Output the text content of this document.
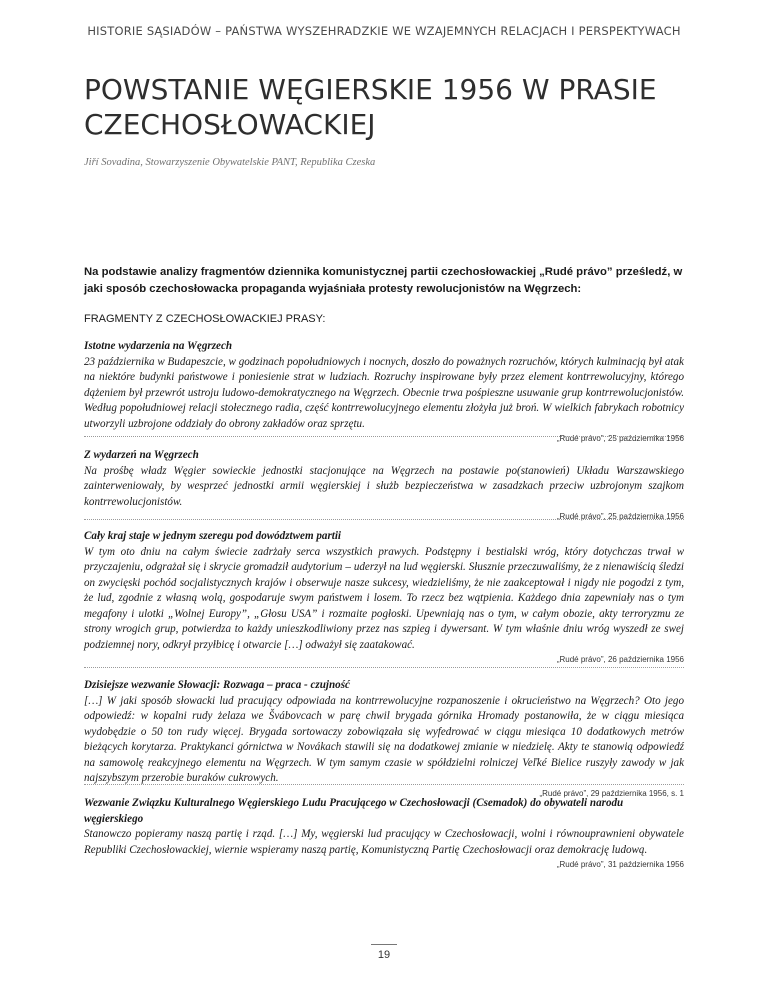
HISTORIE SĄSIADÓW – PAŃSTWA WYSZEHRADZKIE WE WZAJEMNYCH RELACJACH I PERSPEKTYWACH
POWSTANIE WĘGIERSKIE 1956 W PRASIE CZECHOSŁOWACKIEJ
Jiří Sovadina, Stowarzyszenie Obywatelskie PANT, Republika Czeska
Na podstawie analizy fragmentów dziennika komunistycznej partii czechosłowackiej „Rudé právo” prześledź, w jaki sposób czechosłowacka propaganda wyjaśniała protesty rewolucjonistów na Węgrzech:
FRAGMENTY Z CZECHOSŁOWACKIEJ PRASY:
Istotne wydarzenia na Węgrzech
23 października w Budapeszcie, w godzinach popołudniowych i nocnych, doszło do poważnych rozruchów, których kulminacją był atak na niektóre budynki państwowe i poniesienie strat w ludziach. Rozruchy inspirowane były przez element kontrrewolucyjny, którego dążeniem był przewrót ustroju ludowo-demokratycznego na Węgrzech. Obecnie trwa pośpieszne usuwanie grup kontrrewolucjonistów. Według popołudniowej relacji stołecznego radia, część kontrrewolucyjnego elementu złożyła już broń. W wielkich fabrykach robotnicy utworzyli uzbrojone oddziały do obrony zakładów oraz sprzętu.
„Rudé právo”, 25 października 1956
Z wydarzeń na Węgrzech
Na prośbę władz Węgier sowieckie jednostki stacjonujące na Węgrzech na postawie po(stanowień) Układu Warszawskiego zainterweniowały, by wesprzeć jednostki armii węgierskiej i służb bezpieczeństwa w zasadzkach przeciw uzbrojonym szajkom kontrrewolucjonistów.
„Rudé právo”, 25 października 1956
Cały kraj staje w jednym szeregu pod dowództwem partii
W tym oto dniu na całym świecie zadrżały serca wszystkich prawych. Podstępny i bestialski wróg, który dotychczas trwał w przyczajeniu, odgrażał się i skrycie gromadził audytorium – uderzył na lud węgierski. Słusznie przeczuwaliśmy, że z nienawiścią śledzi on zwycięski pochód socjalistycznych krajów i obserwuje nasze sukcesy, wiedzieliśmy, że nie zaakceptował i nigdy nie pogodzi z tym, że lud, zgodnie z własną wolą, gospodaruje swym państwem i losem. To rzecz bez wątpienia. Każdego dnia zapewniały nas o tym megafony i ulotki „Wolnej Europy”, „Głosu USA” i rozmaite pogłoski. Upewniają nas o tym, w całym obozie, akty terroryzmu ze strony wrogich grup, potwierdza to każdy unieszkodliwiony przez nas szpieg i dywersant. W tym właśnie dniu wróg wyszedł ze swej podziemnej nory, odkrył przyłbicę i otwarcie […] odważył się zaatakować.
„Rudé právo”, 26 października 1956
Dzisiejsze wezwanie Słowacji: Rozwaga – praca - czujność
[…] W jaki sposób słowacki lud pracujący odpowiada na kontrrewolucyjne rozpanoszenie i okrucieństwo na Węgrzech? Oto jego odpowiedź: w kopalni rudy żelaza we Švábovcach w parę chwil brygada górnika Hromady postanowiła, że w ciągu miesiąca wydobędzie o 50 ton rudy więcej. Brygada sortowaczy zobowiązała się wyfedrować w ciągu miesiąca 10 dodatkowych metrów bieżących korytarza. Praktykanci górnictwa w Novákach stawili się na dodatkowej zmianie w niedzielę. Akty te stanowią odpowiedź na samowolę reakcyjnego elementu na Węgrzech. W tym samym czasie w spółdzielni rolniczej Veľké Bielice ruszyły zawody w jak najszybszym przerobie buraków cukrowych.
„Rudé právo”, 29 października 1956, s. 1
Wezwanie Związku Kulturalnego Węgierskiego Ludu Pracującego w Czechosłowacji (Csemadok) do obywateli narodu węgierskiego
Stanowczo popieramy naszą partię i rząd. […] My, węgierski lud pracujący w Czechosłowacji, wolni i równouprawnieni obywatele Republiki Czechosłowackiej, wiernie wspieramy naszą partię, Komunistyczną Partię Czechosłowacji oraz demokrację ludową.
„Rudé právo”, 31 października 1956
19
